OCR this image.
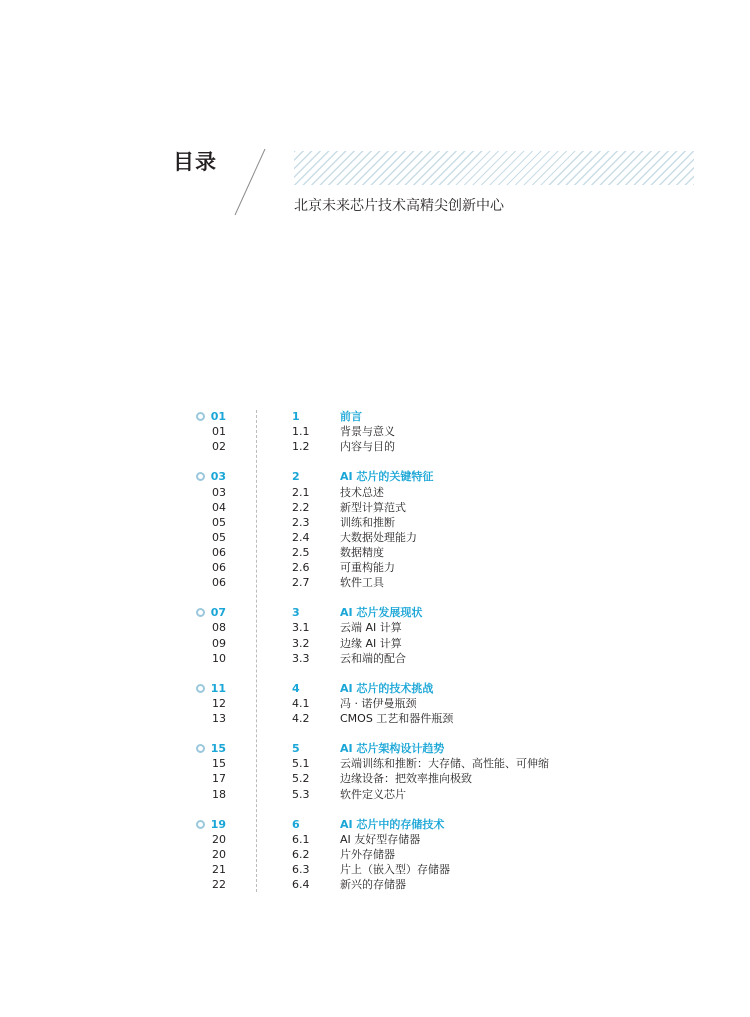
目录
北京未来芯片技术高精尖创新中心
01	1	前言
01	1.1	背景与意义
02	1.2	内容与目的
03	2	AI 芯片的关键特征
03	2.1	技术总述
04	2.2	新型计算范式
05	2.3	训练和推断
05	2.4	大数据处理能力
06	2.5	数据精度
06	2.6	可重构能力
06	2.7	软件工具
07	3	AI 芯片发展现状
08	3.1	云端 AI 计算
09	3.2	边缘 AI 计算
10	3.3	云和端的配合
11	4	AI 芯片的技术挑战
12	4.1	冯 · 诺伊曼瓶颈
13	4.2	CMOS 工艺和器件瓶颈
15	5	AI 芯片架构设计趋势
15	5.1	云端训练和推断：大存储、高性能、可伸缩
17	5.2	边缘设备：把效率推向极致
18	5.3	软件定义芯片
19	6	AI 芯片中的存储技术
20	6.1	AI 友好型存储器
20	6.2	片外存储器
21	6.3	片上（嵌入型）存储器
22	6.4	新兴的存储器
